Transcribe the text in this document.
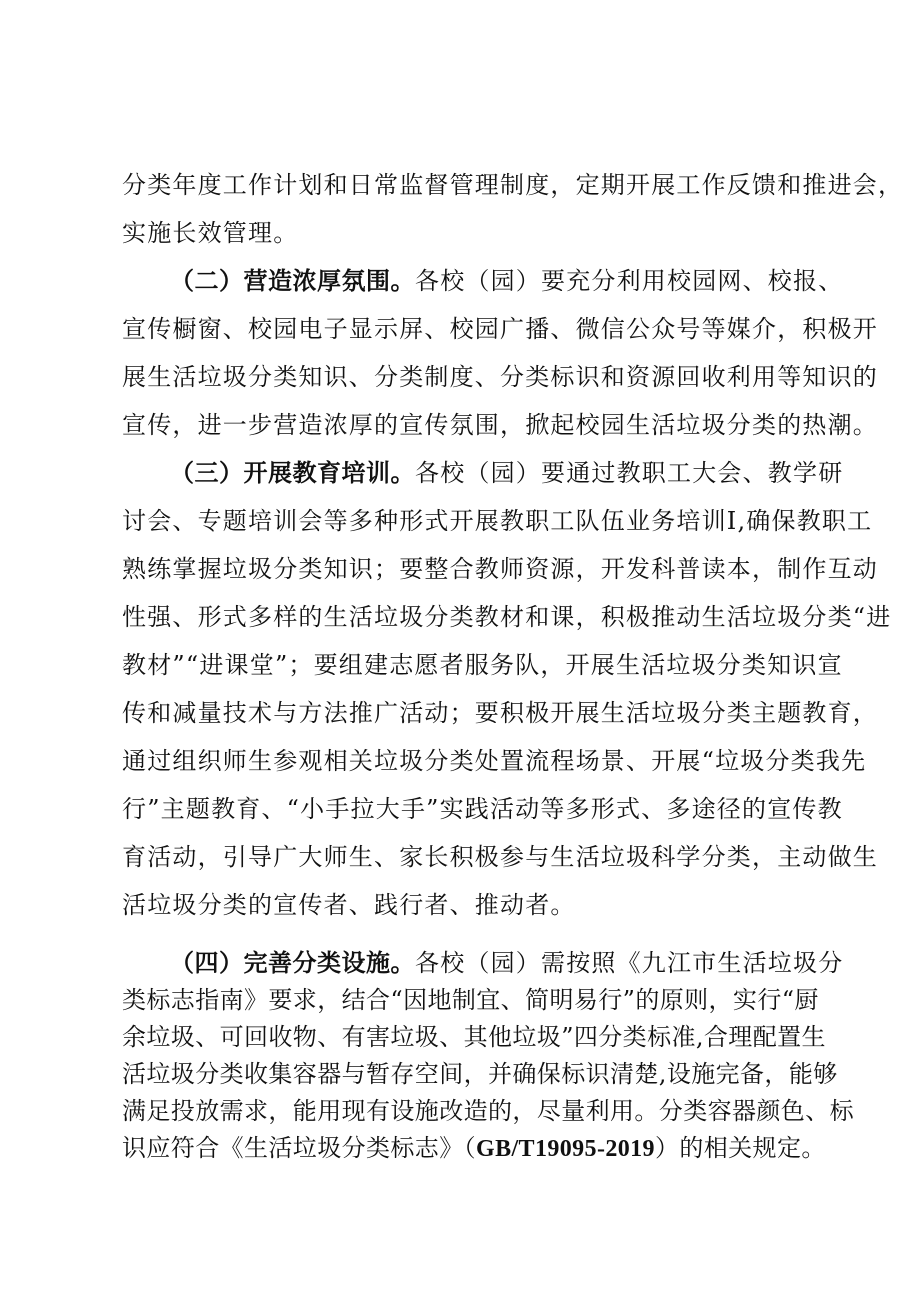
分类年度工作计划和日常监督管理制度，定期开展工作反馈和推进会，
实施长效管理。
（二）营造浓厚氛围。各校（园）要充分利用校园网、校报、
宣传橱窗、校园电子显示屏、校园广播、微信公众号等媒介，积极开
展生活垃圾分类知识、分类制度、分类标识和资源回收利用等知识的
宣传，进一步营造浓厚的宣传氛围，掀起校园生活垃圾分类的热潮。
（三）开展教育培训。各校（园）要通过教职工大会、教学研
讨会、专题培训会等多种形式开展教职工队伍业务培训I,确保教职工
熟练掌握垃圾分类知识；要整合教师资源，开发科普读本，制作互动
性强、形式多样的生活垃圾分类教材和课，积极推动生活垃圾分类“进
教材”“进课堂”；要组建志愿者服务队，开展生活垃圾分类知识宣
传和减量技术与方法推广活动；要积极开展生活垃圾分类主题教育，
通过组织师生参观相关垃圾分类处置流程场景、开展“垃圾分类我先
行”主题教育、“小手拉大手”实践活动等多形式、多途径的宣传教
育活动，引导广大师生、家长积极参与生活垃圾科学分类，主动做生
活垃圾分类的宣传者、践行者、推动者。
（四）完善分类设施。各校（园）需按照《九江市生活垃圾分
类标志指南》要求，结合“因地制宜、简明易行”的原则，实行“厨
余垃圾、可回收物、有害垃圾、其他垃圾”四分类标准,合理配置生
活垃圾分类收集容器与暂存空间，并确保标识清楚,设施完备，能够
满足投放需求，能用现有设施改造的，尽量利用。分类容器颜色、标
识应符合《生活垃圾分类标志》（GB/T19095-2019）的相关规定。
